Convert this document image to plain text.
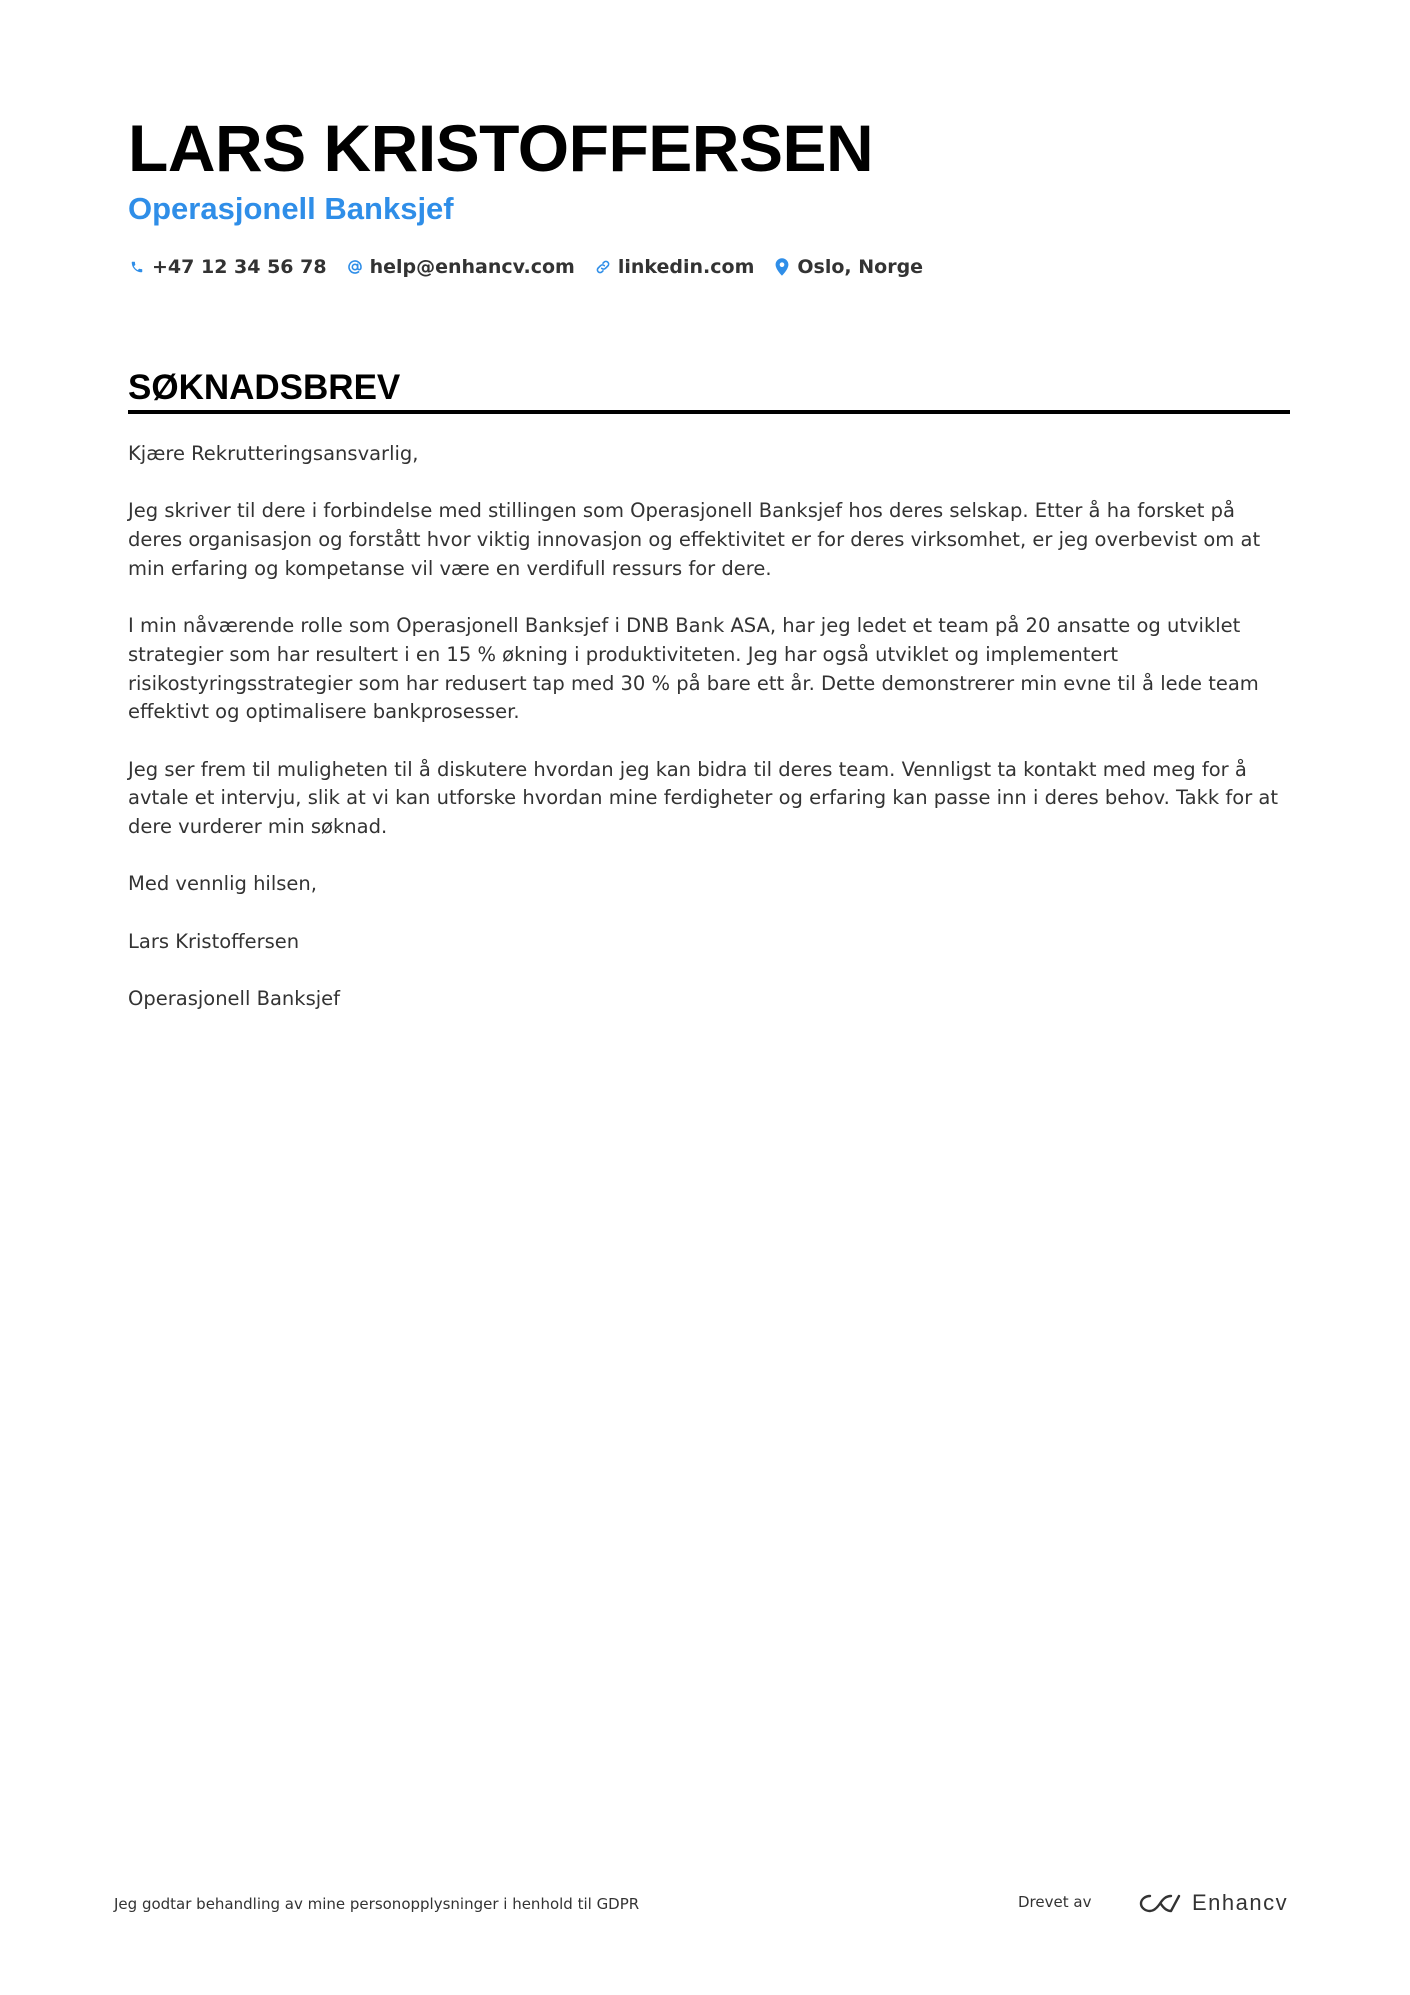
LARS KRISTOFFERSEN
Operasjonell Banksjef
+47 12 34 56 78 help@enhancv.com linkedin.com Oslo, Norge
SØKNADSBREV

Kjære Rekrutteringsansvarlig,

Jeg skriver til dere i forbindelse med stillingen som Operasjonell Banksjef hos deres selskap. Etter å ha forsket på deres organisasjon og forstått hvor viktig innovasjon og effektivitet er for deres virksomhet, er jeg overbevist om at min erfaring og kompetanse vil være en verdifull ressurs for dere.

I min nåværende rolle som Operasjonell Banksjef i DNB Bank ASA, har jeg ledet et team på 20 ansatte og utviklet strategier som har resultert i en 15 % økning i produktiviteten. Jeg har også utviklet og implementert risikostyringsstrategier som har redusert tap med 30 % på bare ett år. Dette demonstrerer min evne til å lede team effektivt og optimalisere bankprosesser.

Jeg ser frem til muligheten til å diskutere hvordan jeg kan bidra til deres team. Vennligst ta kontakt med meg for å avtale et intervju, slik at vi kan utforske hvordan mine ferdigheter og erfaring kan passe inn i deres behov. Takk for at dere vurderer min søknad.

Med vennlig hilsen,

Lars Kristoffersen

Operasjonell Banksjef

Jeg godtar behandling av mine personopplysninger i henhold til GDPR	Drevet av	Enhancv
